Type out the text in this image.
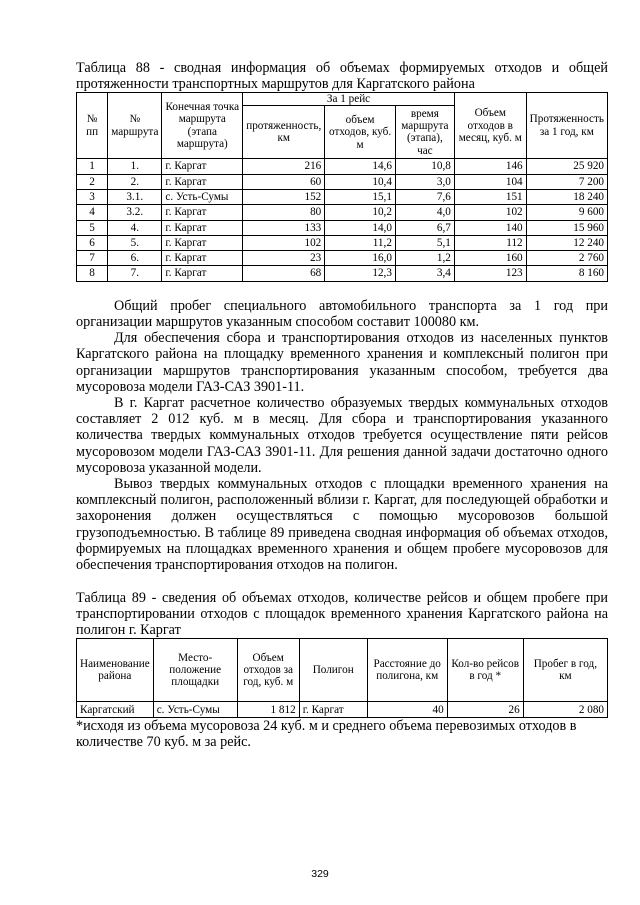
Таблица 88 - сводная информация об объемах формируемых отходов и общей протяженности транспортных маршрутов для Каргатского района

№ пп	№ маршрута	Конечная точка маршрута (этапа маршрута)	За 1 рейс			Объем отходов в месяц, куб. м	Протяженность за 1 год, км
			протяженность, км	объем отходов, куб. м	время маршрута (этапа), час		
1	1.	г. Каргат	216	14,6	10,8	146	25 920
2	2.	г. Каргат	60	10,4	3,0	104	7 200
3	3.1.	с. Усть-Сумы	152	15,1	7,6	151	18 240
4	3.2.	г. Каргат	80	10,2	4,0	102	9 600
5	4.	г. Каргат	133	14,0	6,7	140	15 960
6	5.	г. Каргат	102	11,2	5,1	112	12 240
7	6.	г. Каргат	23	16,0	1,2	160	2 760
8	7.	г. Каргат	68	12,3	3,4	123	8 160

Общий пробег специального автомобильного транспорта за 1 год при организации маршрутов указанным способом составит 100080 км.

Для обеспечения сбора и транспортирования отходов из населенных пунктов Каргатского района на площадку временного хранения и комплексный полигон при организации маршрутов транспортирования указанным способом, требуется два мусоровоза модели ГАЗ-САЗ 3901-11.

В г. Каргат расчетное количество образуемых твердых коммунальных отходов составляет 2 012 куб. м в месяц. Для сбора и транспортирования указанного количества твердых коммунальных отходов требуется осуществление пяти рейсов мусоровозом модели ГАЗ-САЗ 3901-11. Для решения данной задачи достаточно одного мусоровоза указанной модели.

Вывоз твердых коммунальных отходов с площадки временного хранения на комплексный полигон, расположенный вблизи г. Каргат, для последующей обработки и захоронения должен осуществляться с помощью мусоровозов большой грузоподъемностью. В таблице 89 приведена сводная информация об объемах отходов, формируемых на площадках временного хранения и общем пробеге мусоровозов для обеспечения транспортирования отходов на полигон.

Таблица 89 - сведения об объемах отходов, количестве рейсов и общем пробеге при транспортировании отходов с площадок временного хранения Каргатского района на полигон г. Каргат

Наименование района	Место-положение площадки	Объем отходов за год, куб. м	Полигон	Расстояние до полигона, км	Кол-во рейсов в год *	Пробег в год, км
Каргатский	с. Усть-Сумы	1 812	г. Каргат	40	26	2 080

*исходя из объема мусоровоза 24 куб. м и среднего объема перевозимых отходов в количестве 70 куб. м за рейс.

329
